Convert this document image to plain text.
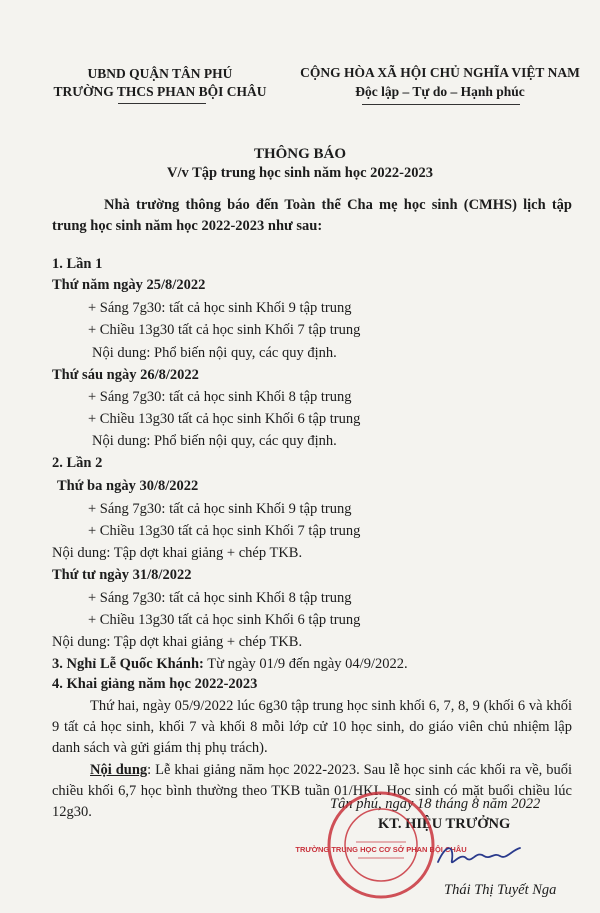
UBND QUẬN TÂN PHÚ
TRƯỜNG THCS PHAN BỘI CHÂU
CỘNG HÒA XÃ HỘI CHỦ NGHĨA VIỆT NAM
Độc lập – Tự do – Hạnh phúc
THÔNG BÁO
V/v Tập trung học sinh năm học 2022-2023
Nhà trường thông báo đến Toàn thể Cha mẹ học sinh (CMHS) lịch tập trung học sinh năm học 2022-2023 như sau:
1. Lần 1
Thứ năm ngày 25/8/2022
+ Sáng 7g30: tất cả học sinh Khối 9 tập trung
+ Chiều 13g30 tất cả học sinh Khối 7 tập trung
Nội dung: Phổ biến nội quy, các quy định.
Thứ sáu ngày 26/8/2022
+ Sáng 7g30: tất cả học sinh Khối 8 tập trung
+ Chiều 13g30 tất cả học sinh Khối 6 tập trung
Nội dung: Phổ biến nội quy, các quy định.
2. Lần 2
Thứ ba ngày 30/8/2022
+ Sáng 7g30: tất cả học sinh Khối 9 tập trung
+ Chiều 13g30 tất cả học sinh Khối 7 tập trung
Nội dung: Tập dợt khai giảng + chép TKB.
Thứ tư ngày 31/8/2022
+ Sáng 7g30: tất cả học sinh Khối 8 tập trung
+ Chiều 13g30 tất cả học sinh Khối 6 tập trung
Nội dung: Tập dợt khai giảng + chép TKB.
3. Nghỉ Lễ Quốc Khánh: Từ ngày 01/9 đến ngày 04/9/2022.
4. Khai giảng năm học 2022-2023
Thứ hai, ngày 05/9/2022 lúc 6g30 tập trung học sinh khối 6, 7, 8, 9 (khối 6 và khối 9 tất cả học sinh, khối 7 và khối 8 mỗi lớp cử 10 học sinh, do giáo viên chủ nhiệm lập danh sách và gửi giám thị phụ trách).
Nội dung: Lễ khai giảng năm học 2022-2023. Sau lễ học sinh các khối ra về, buổi chiều khối 6,7 học bình thường theo TKB tuần 01/HKI. Học sinh có mặt buổi chiều lúc 12g30.	Tân phú, ngày 18 tháng 8 năm 2022
KT. HIỆU TRƯỞNG
TRƯỜNG TRUNG HỌC CƠ SỞ PHAN BỘI CHÂU
Thái Thị Tuyết Nga
